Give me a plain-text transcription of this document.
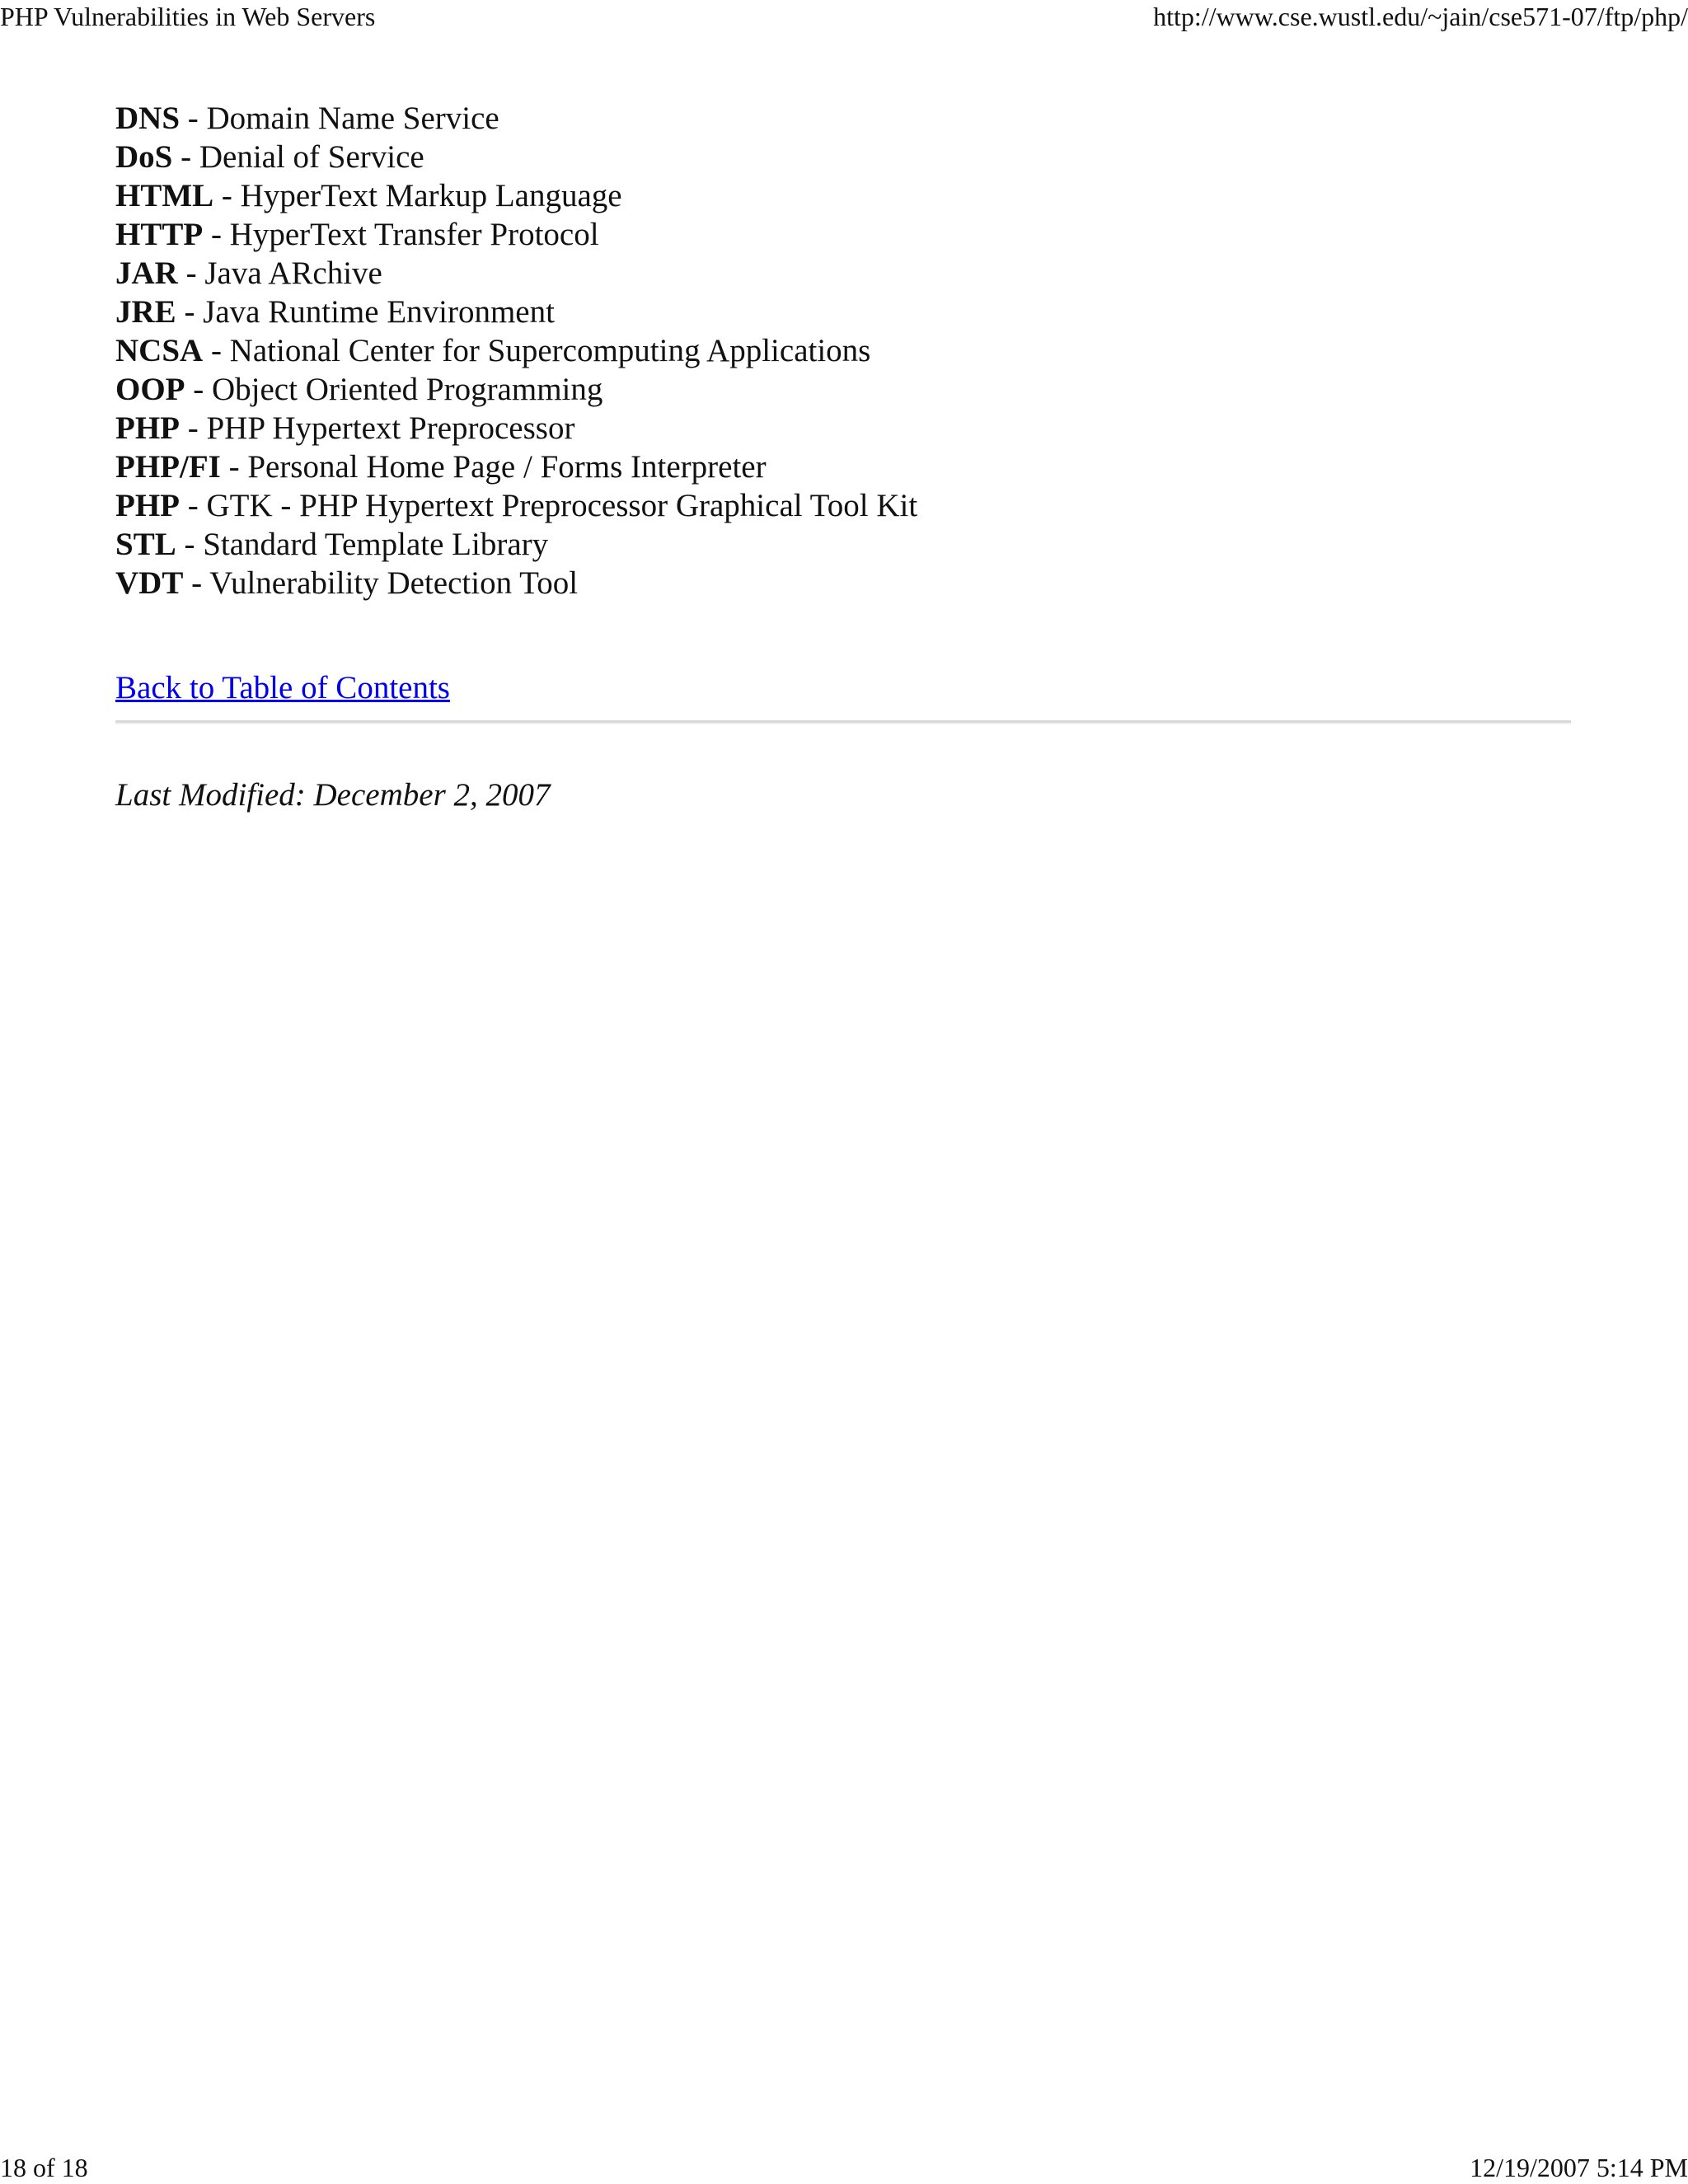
PHP Vulnerabilities in Web Servers	http://www.cse.wustl.edu/~jain/cse571-07/ftp/php/
DNS - Domain Name Service
DoS - Denial of Service
HTML - HyperText Markup Language
HTTP - HyperText Transfer Protocol
JAR - Java ARchive
JRE - Java Runtime Environment
NCSA - National Center for Supercomputing Applications
OOP - Object Oriented Programming
PHP - PHP Hypertext Preprocessor
PHP/FI - Personal Home Page / Forms Interpreter
PHP - GTK - PHP Hypertext Preprocessor Graphical Tool Kit
STL - Standard Template Library
VDT - Vulnerability Detection Tool
Back to Table of Contents
Last Modified: December 2, 2007
18 of 18	12/19/2007 5:14 PM
